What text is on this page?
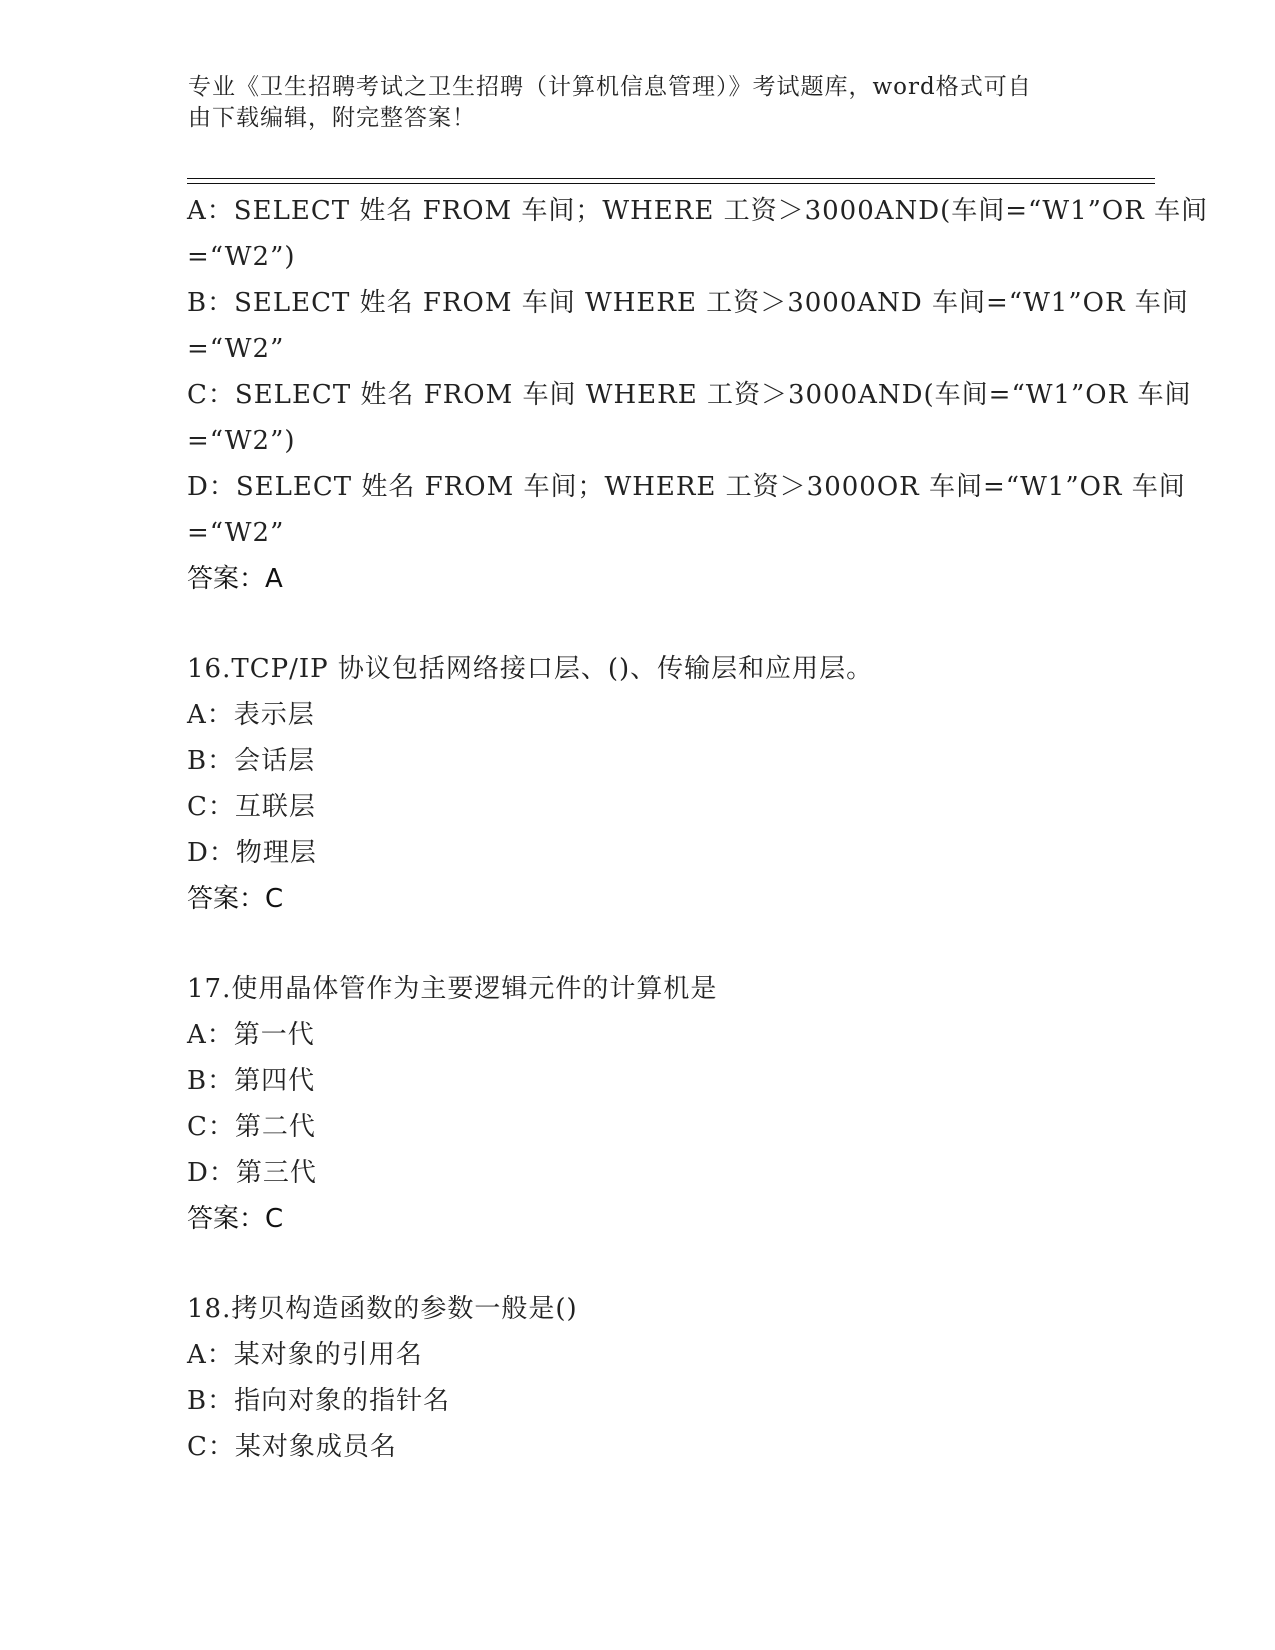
专业《卫生招聘考试之卫生招聘（计算机信息管理）》考试题库，word格式可自
由下载编辑，附完整答案！
A：SELECT 姓名 FROM 车间；WHERE 工资＞3000AND(车间=“W1”OR 车间
=“W2”)
B：SELECT 姓名 FROM 车间 WHERE 工资＞3000AND 车间=“W1”OR 车间
=“W2”
C：SELECT 姓名 FROM 车间 WHERE 工资＞3000AND(车间=“W1”OR 车间
=“W2”)
D：SELECT 姓名 FROM 车间；WHERE 工资＞3000OR 车间=“W1”OR 车间
=“W2”
答案：A
16.TCP/IP 协议包括网络接口层、()、传输层和应用层。
A：表示层
B：会话层
C：互联层
D：物理层
答案：C
17.使用晶体管作为主要逻辑元件的计算机是
A：第一代
B：第四代
C：第二代
D：第三代
答案：C
18.拷贝构造函数的参数一般是()
A：某对象的引用名
B：指向对象的指针名
C：某对象成员名
